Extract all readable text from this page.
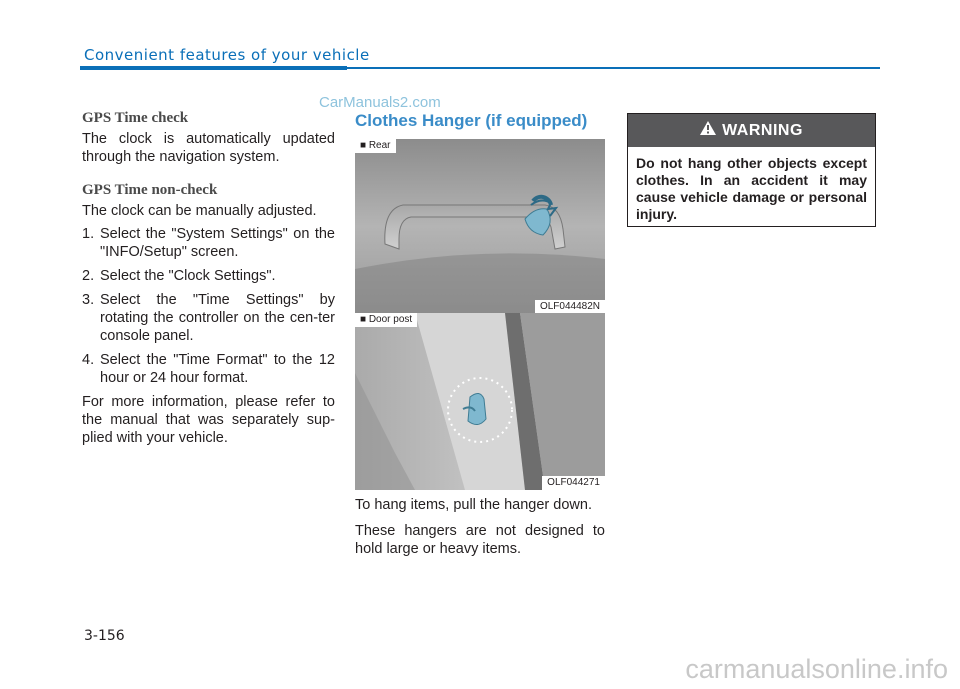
Convenient features of your vehicle
CarManuals2.com
GPS Time check

The clock is automatically updated through the navigation system.

GPS Time non-check

The clock can be manually adjusted.

1. Select the "System Settings" on the "INFO/Setup" screen.
2. Select the "Clock Settings".
3. Select the "Time Settings" by rotating the controller on the cen-ter console panel.
4. Select the "Time Format" to the 12 hour or 24 hour format.

For more information, please refer to the manual that was separately sup-plied with your vehicle.

Clothes Hanger (if equipped)
■ Rear
OLF044482N
■ Door post
OLF044271

To hang items, pull the hanger down.

These hangers are not designed to hold large or heavy items.

WARNING
Do not hang other objects except clothes. In an accident it may cause vehicle damage or personal injury.
3-156
carmanualsonline.info
